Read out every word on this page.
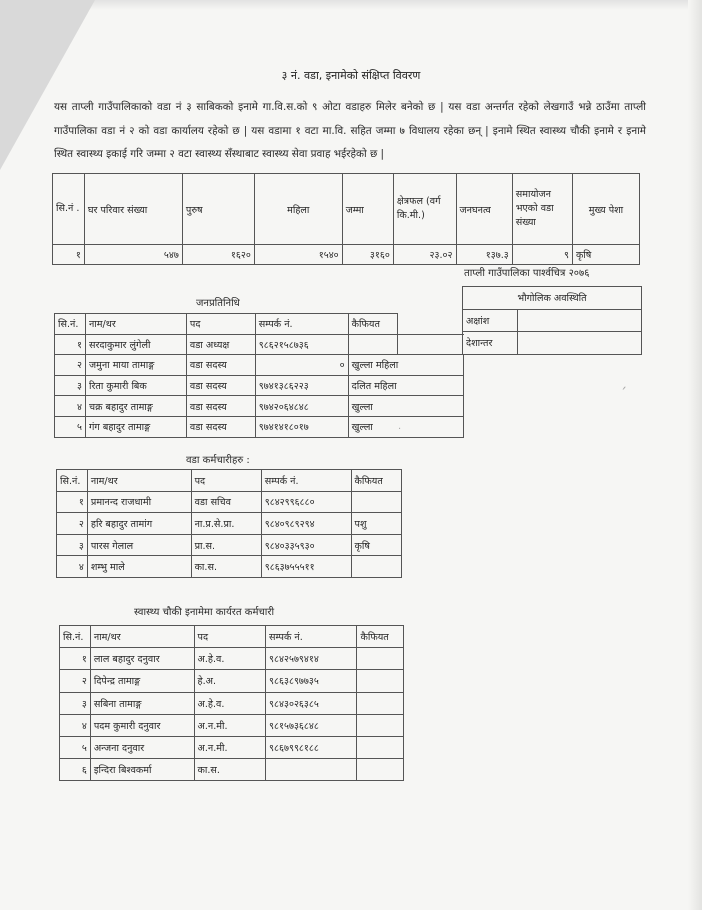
३ नं. वडा, इनामेको संक्षिप्त विवरण

यस ताप्ली गाउँपालिकाको वडा नं ३ साबिकको इनामे गा.वि.स.को ९ ओटा वडाहरु मिलेर बनेको छ | यस वडा अन्तर्गत रहेको लेखगाउँ भन्ने ठाउँमा ताप्ली गाउँपालिका वडा नं २ को वडा कार्यालय रहेको छ | यस वडामा १ वटा मा.वि. सहित जम्मा ७ विधालय रहेका छन् | इनामे स्थित स्वास्थ्य चौकी इनामे र इनामे स्थित स्वास्थ्य इकाई गरि जम्मा २ वटा स्वास्थ्य सँस्थाबाट स्वास्थ्य सेवा प्रवाह भईरहेको छ |

सि.नं .	घर परिवार संख्या	पुरुष	महिला	जम्मा	क्षेत्रफल (वर्ग कि.मी.)	जनघनत्व	समायोजन भएको वडा संख्या	मुख्य पेशा
१	५४७	१६२०	१५४०	३१६०	२३.०२	१३७.३	९	कृषि
ताप्ली गाउँपालिका पार्श्वचित्र २०७६
जनप्रतिनिधि
सि.नं.	नाम/थर	पद	सम्पर्क नं.	कैफियत	
१	सरदाकुमार लुंगेली	वडा अध्यक्ष	९८६२१५८७३६		
२	जमुना माया तामाङ्ग	वडा सदस्य	०	खुल्ला महिला	
३	रिता कुमारी बिक	वडा सदस्य	९७४१३८६२२३	दलित महिला	
४	चक्र बहादुर तामाङ्ग	वडा सदस्य	९७४२०६४८४८	खुल्ला	
५	गंग बहादुर तामाङ्ग	वडा सदस्य	९७४१४१८०१७	खुल्ला	
भौगोलिक अवस्थिति	
अक्षांश	
देशान्तर	
वडा कर्मचारीहरु :
सि.नं.	नाम/थर	पद	सम्पर्क नं.	कैफियत
१	प्रमानन्द राजधामी	वडा सचिव	९८४२९९६८८०	
२	हरि बहादुर तामांग	ना.प्र.से.प्रा.	९८४०९८९२९४	पशु
३	पारस गेलाल	प्रा.स.	९८४०३३५९३०	कृषि
४	शम्भु माले	का.स.	९८६३७५५५११	
स्वास्थ्य चौकी इनामेमा कार्यरत कर्मचारी
सि.नं.	नाम/थर	पद	सम्पर्क नं.	कैफियत
१	लाल बहादुर दनुवार	अ.हे.व.	९८४२५७९४१४	
२	दिपेन्द्र तामाङ्ग	हे.अ.	९८६३८९७७३५	
३	सबिना तामाङ्ग	अ.हे.व.	९८४३०२६३८५	
४	पदम कुमारी दनुवार	अ.न.मी.	९८१५७३६८४८	
५	अन्जना दनुवार	अ.न.मी.	९८६७९९८१८८	
६	इन्दिरा बिश्वकर्मा	का.स.		
ˏ
·
